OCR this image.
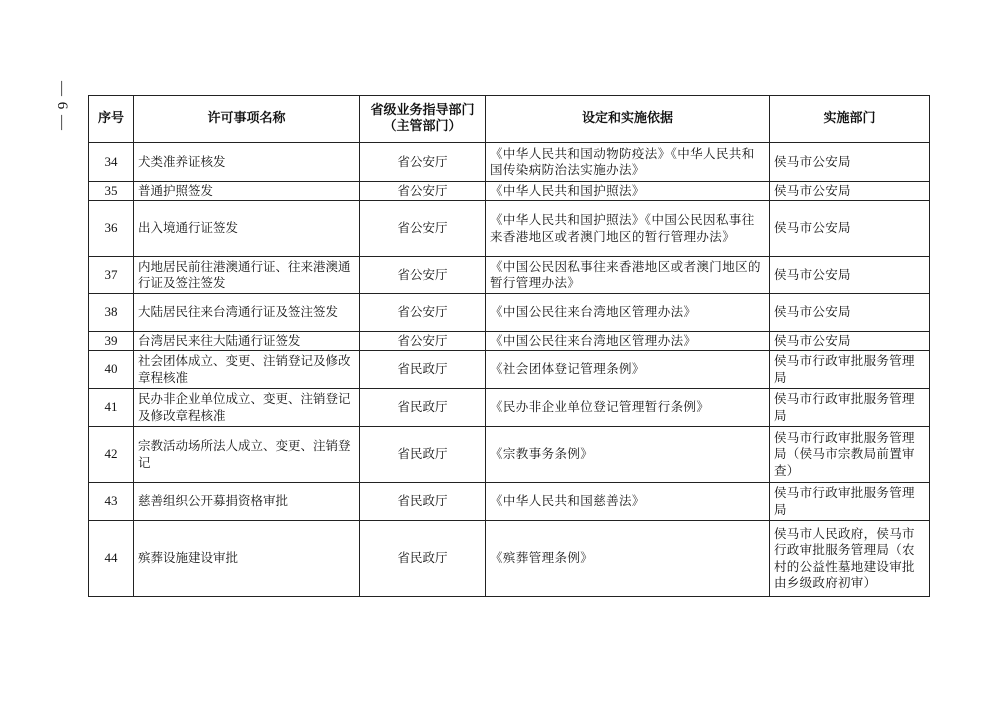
— 6 — 序号	许可事项名称	省级业务指导部门
（主管部门）	设定和实施依据	实施部门
34	犬类准养证核发	省公安厅	《中华人民共和国动物防疫法》《中华人民共和国传染病防治法实施办法》	侯马市公安局
35	普通护照签发	省公安厅	《中华人民共和国护照法》	侯马市公安局
36	出入境通行证签发	省公安厅	《中华人民共和国护照法》《中国公民因私事往来香港地区或者澳门地区的暂行管理办法》	侯马市公安局
37	内地居民前往港澳通行证、往来港澳通行证及签注签发	省公安厅	《中国公民因私事往来香港地区或者澳门地区的暂行管理办法》	侯马市公安局
38	大陆居民往来台湾通行证及签注签发	省公安厅	《中国公民往来台湾地区管理办法》	侯马市公安局
39	台湾居民来往大陆通行证签发	省公安厅	《中国公民往来台湾地区管理办法》	侯马市公安局
40	社会团体成立、变更、注销登记及修改章程核准	省民政厅	《社会团体登记管理条例》	侯马市行政审批服务管理局
41	民办非企业单位成立、变更、注销登记及修改章程核准	省民政厅	《民办非企业单位登记管理暂行条例》	侯马市行政审批服务管理局
42	宗教活动场所法人成立、变更、注销登记	省民政厅	《宗教事务条例》	侯马市行政审批服务管理局（侯马市宗教局前置审查）
43	慈善组织公开募捐资格审批	省民政厅	《中华人民共和国慈善法》	侯马市行政审批服务管理局
44	殡葬设施建设审批	省民政厅	《殡葬管理条例》	侯马市人民政府，侯马市行政审批服务管理局（农村的公益性墓地建设审批由乡级政府初审）
